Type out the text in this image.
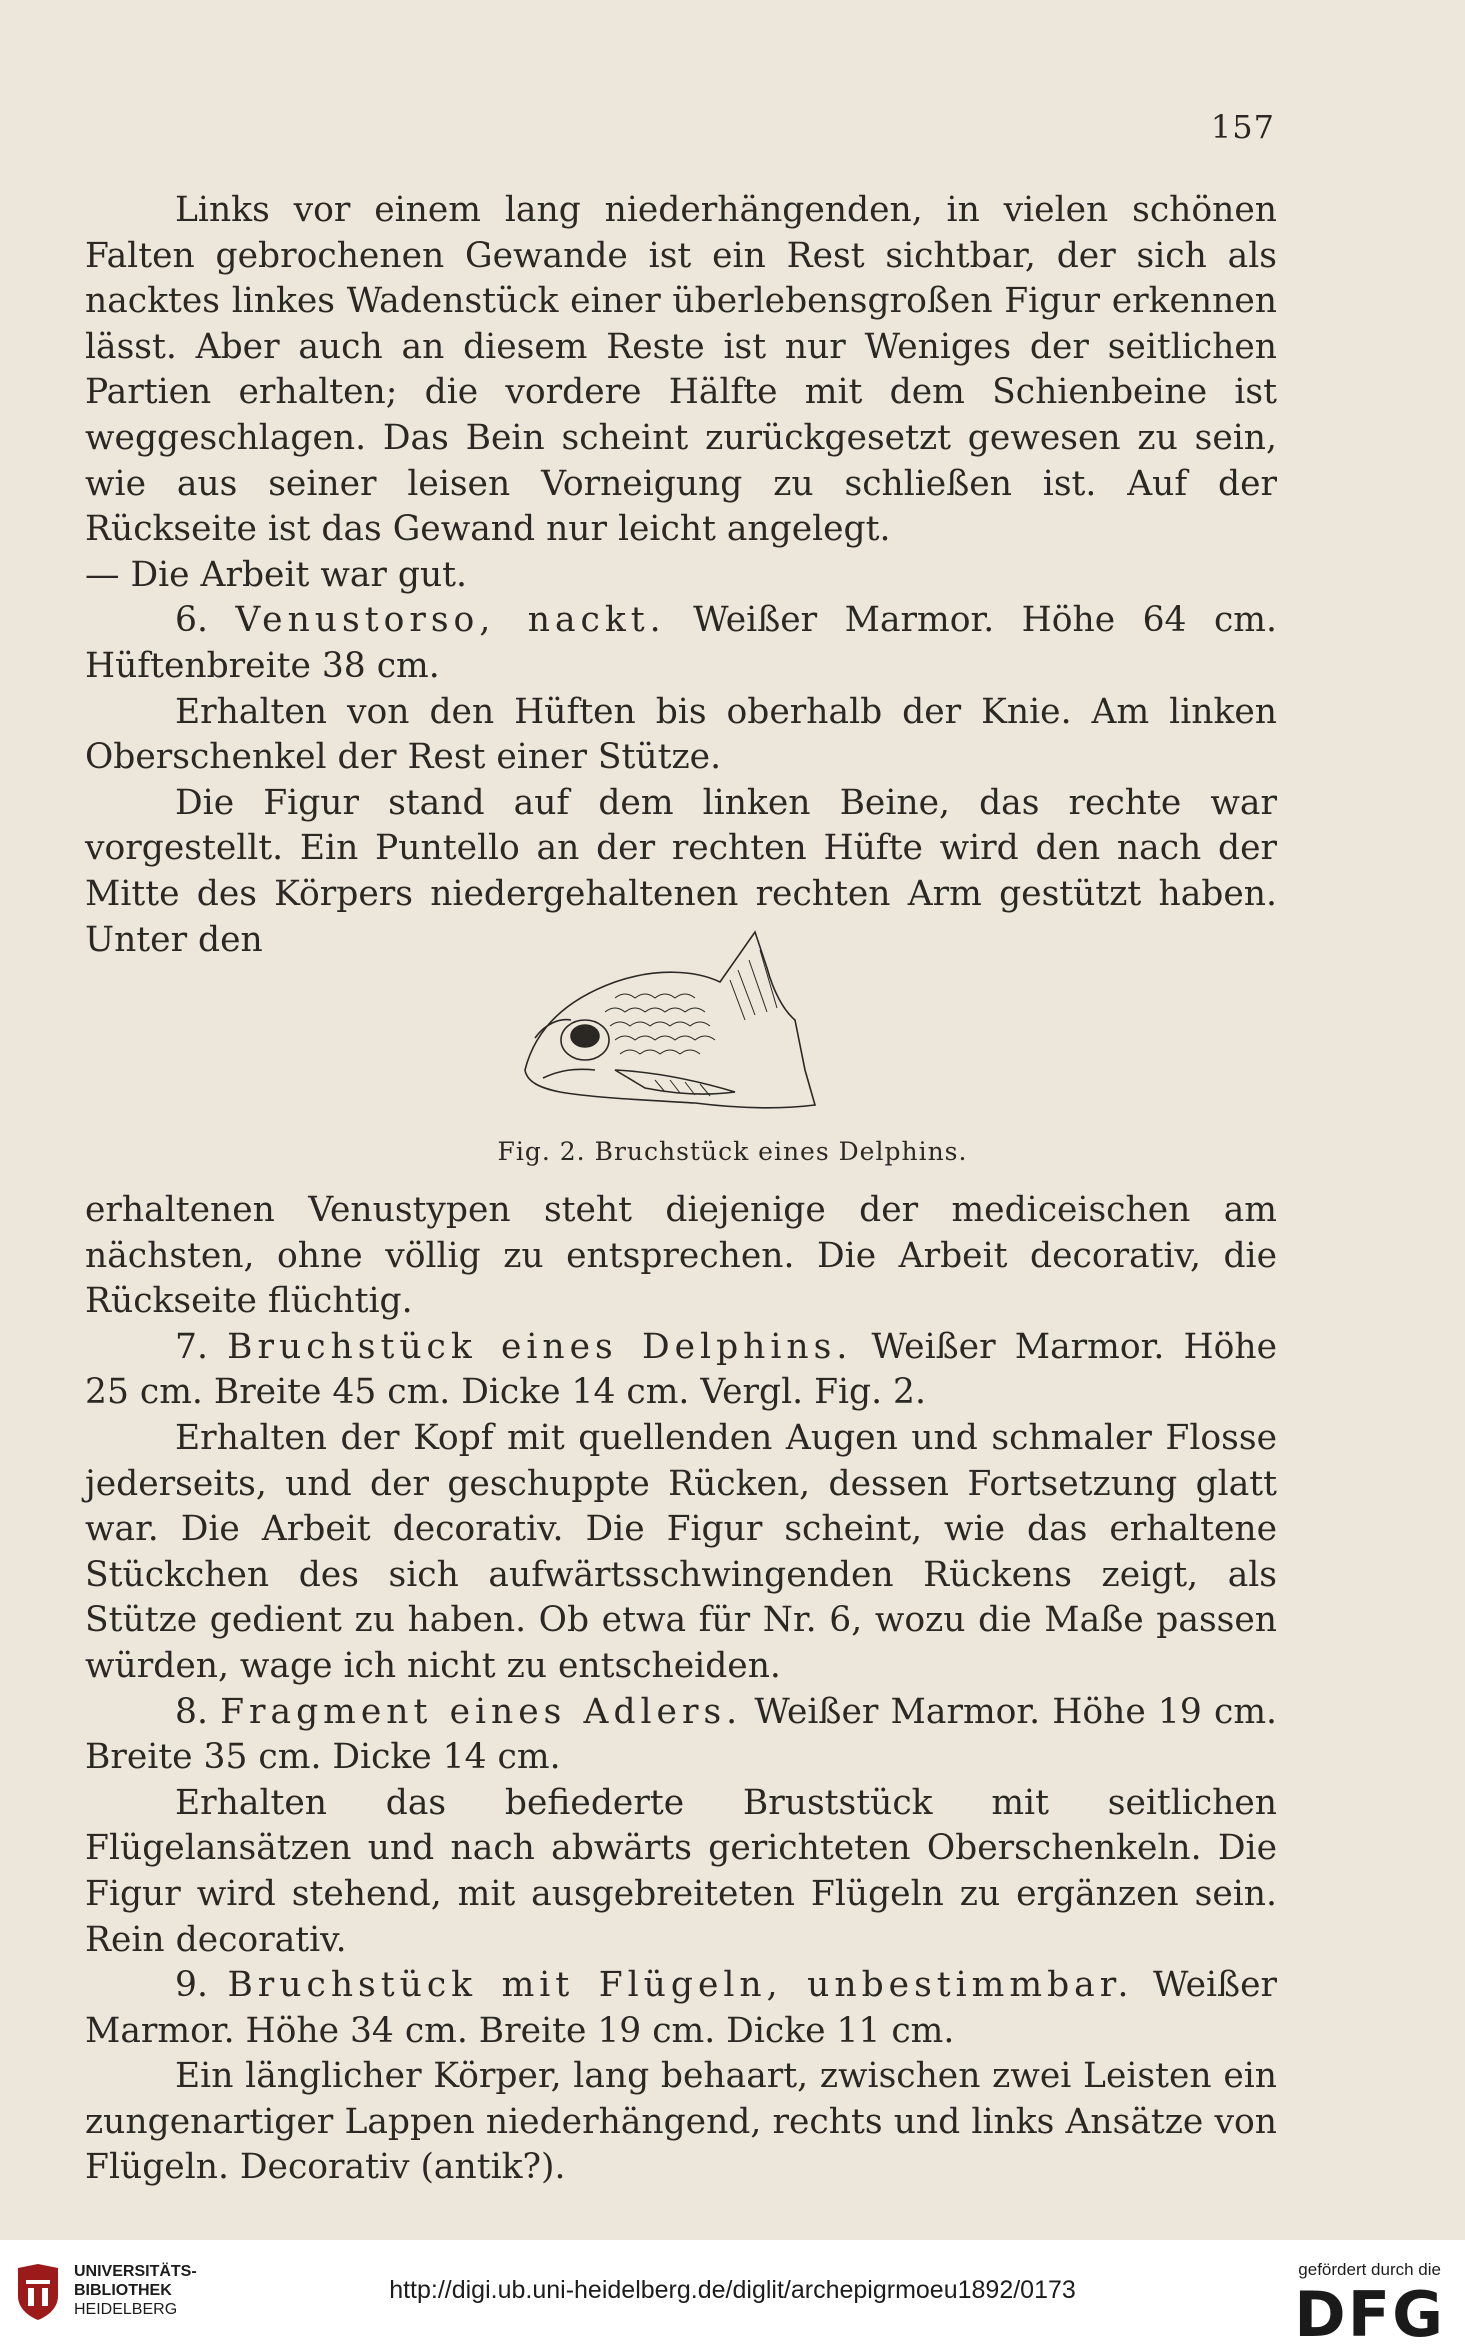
157

Links vor einem lang niederhängenden, in vielen schönen Falten gebrochenen Gewande ist ein Rest sichtbar, der sich als nacktes linkes Wadenstück einer überlebensgroßen Figur erkennen lässt. Aber auch an diesem Reste ist nur Weniges der seitlichen Partien erhalten; die vordere Hälfte mit dem Schienbeine ist weggeschlagen. Das Bein scheint zurückgesetzt gewesen zu sein, wie aus seiner leisen Vorneigung zu schließen ist. Auf der Rückseite ist das Gewand nur leicht angelegt.

— Die Arbeit war gut.

6. Venustorso, nackt. Weißer Marmor. Höhe 64 cm. Hüftenbreite 38 cm.

Erhalten von den Hüften bis oberhalb der Knie. Am linken Oberschenkel der Rest einer Stütze.

Die Figur stand auf dem linken Beine, das rechte war vorgestellt. Ein Puntello an der rechten Hüfte wird den nach der Mitte des Körpers niedergehaltenen rechten Arm gestützt haben. Unter den

Fig. 2. Bruchstück eines Delphins.

erhaltenen Venustypen steht diejenige der mediceischen am nächsten, ohne völlig zu entsprechen. Die Arbeit decorativ, die Rückseite flüchtig.

7. Bruchstück eines Delphins. Weißer Marmor. Höhe 25 cm. Breite 45 cm. Dicke 14 cm. Vergl. Fig. 2.

Erhalten der Kopf mit quellenden Augen und schmaler Flosse jederseits, und der geschuppte Rücken, dessen Fortsetzung glatt war. Die Arbeit decorativ. Die Figur scheint, wie das erhaltene Stückchen des sich aufwärtsschwingenden Rückens zeigt, als Stütze gedient zu haben. Ob etwa für Nr. 6, wozu die Maße passen würden, wage ich nicht zu entscheiden.

8. Fragment eines Adlers. Weißer Marmor. Höhe 19 cm. Breite 35 cm. Dicke 14 cm.

Erhalten das befiederte Bruststück mit seitlichen Flügelansätzen und nach abwärts gerichteten Oberschenkeln. Die Figur wird stehend, mit ausgebreiteten Flügeln zu ergänzen sein. Rein decorativ.

9. Bruchstück mit Flügeln, unbestimmbar. Weißer Marmor. Höhe 34 cm. Breite 19 cm. Dicke 11 cm.

Ein länglicher Körper, lang behaart, zwischen zwei Leisten ein zungenartiger Lappen niederhängend, rechts und links Ansätze von Flügeln. Decorativ (antik?).

UNIVERSITÄTS-
BIBLIOTHEK
HEIDELBERG
http://digi.ub.uni-heidelberg.de/diglit/archepigrmoeu1892/0173
gefördert durch die
DFG
